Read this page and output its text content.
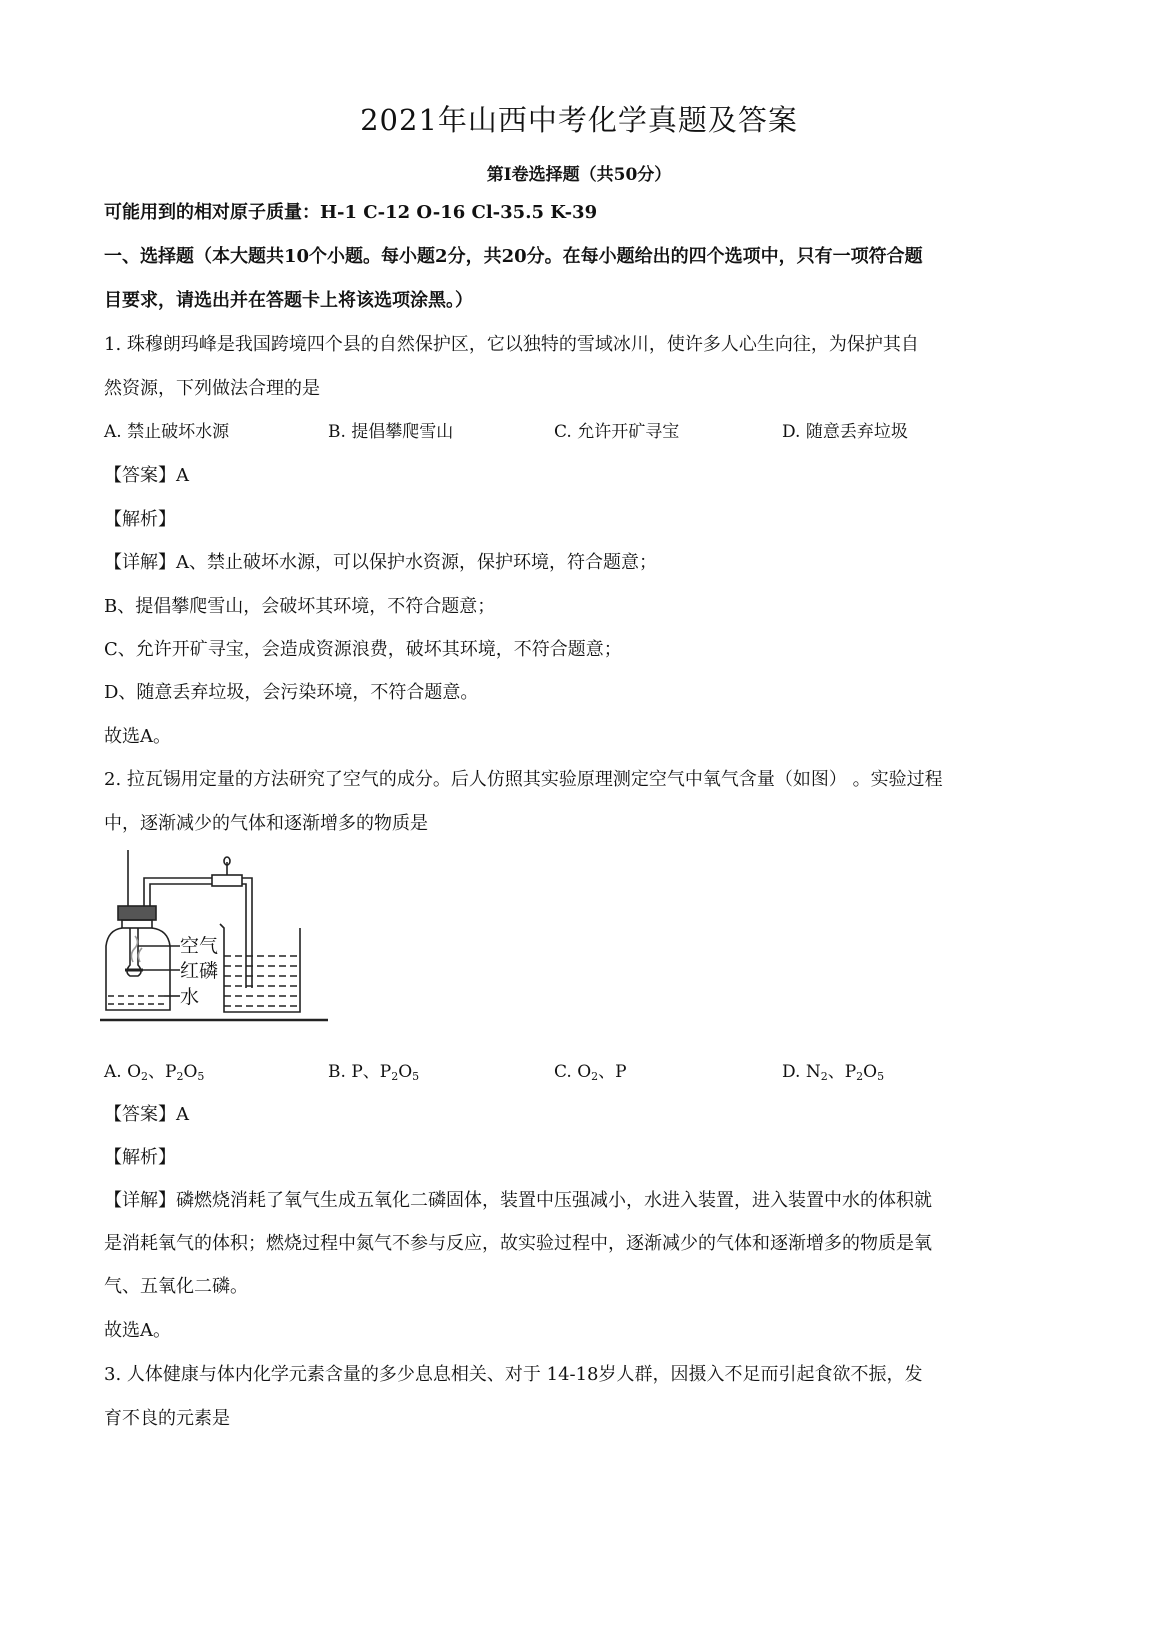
2021年山西中考化学真题及答案
第I卷选择题（共50分）
可能用到的相对原子质量：H-1 C-12 O-16 Cl-35.5 K-39
一、选择题（本大题共10个小题。每小题2分，共20分。在每小题给出的四个选项中，只有一项符合题
目要求，请选出并在答题卡上将该选项涂黑。）
1. 珠穆朗玛峰是我国跨境四个县的自然保护区，它以独特的雪域冰川，使许多人心生向往，为保护其自
然资源，下列做法合理的是
A. 禁止破坏水源	B. 提倡攀爬雪山	C. 允许开矿寻宝	D. 随意丢弃垃圾
【答案】A
【解析】
【详解】A、禁止破坏水源，可以保护水资源，保护环境，符合题意；
B、提倡攀爬雪山，会破坏其环境，不符合题意；
C、允许开矿寻宝，会造成资源浪费，破坏其环境，不符合题意；
D、随意丢弃垃圾，会污染环境，不符合题意。
故选A。
2. 拉瓦锡用定量的方法研究了空气的成分。后人仿照其实验原理测定空气中氧气含量（如图） 。实验过程
中，逐渐减少的气体和逐渐增多的物质是
空气
红磷
水
A. $O_2$、$P_2O_5$	B. P、$P_2O_5$	C. $O_2$、P	D. $N_2$、$P_2O_5$
【答案】A
【解析】
【详解】磷燃烧消耗了氧气生成五氧化二磷固体，装置中压强减小，水进入装置，进入装置中水的体积就
是消耗氧气的体积；燃烧过程中氮气不参与反应，故实验过程中，逐渐减少的气体和逐渐增多的物质是氧
气、五氧化二磷。
故选A。
3. 人体健康与体内化学元素含量的多少息息相关、对于 14-18岁人群，因摄入不足而引起食欲不振，发
育不良的元素是
